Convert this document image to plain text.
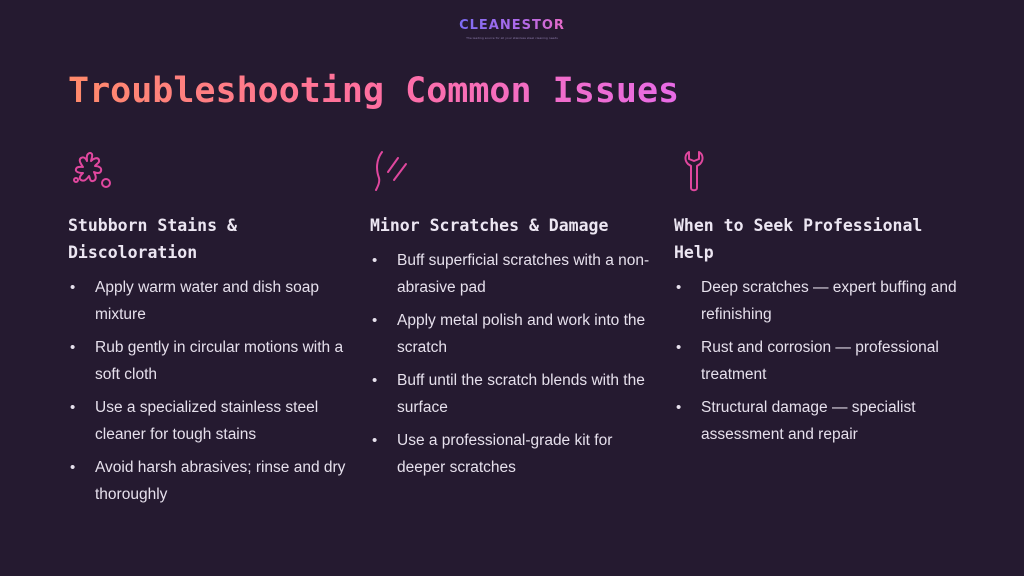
CLEANESTOR
The leading source for all your stainless steel cleaning needs
Troubleshooting Common Issues
Stubborn Stains & Discoloration
• Apply warm water and dish soap mixture
• Rub gently in circular motions with a soft cloth
• Use a specialized stainless steel cleaner for tough stains
• Avoid harsh abrasives; rinse and dry thoroughly
Minor Scratches & Damage
• Buff superficial scratches with a non-abrasive pad
• Apply metal polish and work into the scratch
• Buff until the scratch blends with the surface
• Use a professional-grade kit for deeper scratches
When to Seek Professional Help
• Deep scratches — expert buffing and refinishing
• Rust and corrosion — professional treatment
• Structural damage — specialist assessment and repair
